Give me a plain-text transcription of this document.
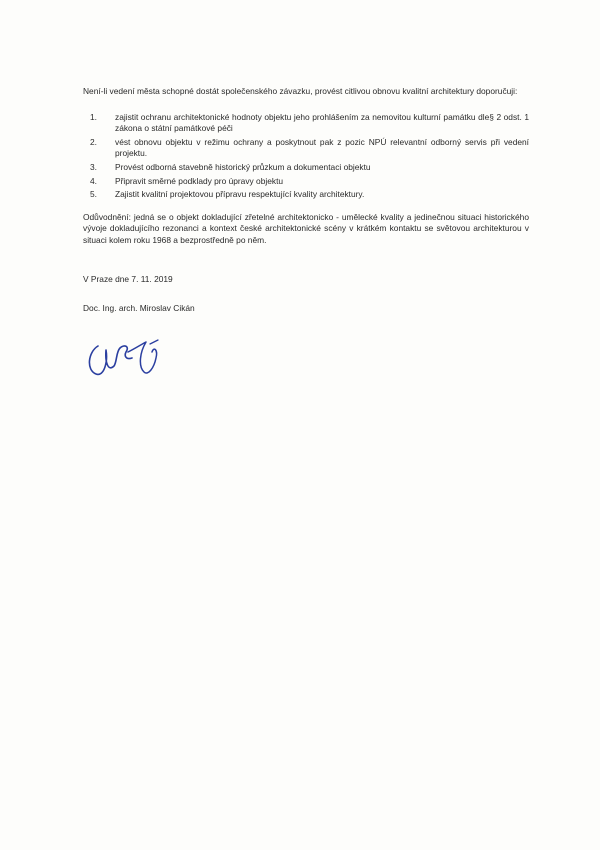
Není-li vedení města schopné dostát společenského závazku, provést citlivou obnovu kvalitní architektury doporučuji:

1. zajistit ochranu architektonické hodnoty objektu jeho prohlášením za nemovitou kulturní památku dle§ 2 odst. 1 zákona o státní památkové péči
2. vést obnovu objektu v režimu ochrany a poskytnout pak z pozic NPÚ relevantní odborný servis při vedení projektu.
3. Provést odborná stavebně historický průzkum a dokumentaci objektu
4. Připravit směrné podklady pro úpravy objektu
5. Zajistit kvalitní projektovou přípravu respektující kvality architektury.

Odůvodnění: jedná se o objekt dokladující zřetelné architektonicko - umělecké kvality a jedinečnou situaci historického vývoje dokladujícího rezonanci a kontext české architektonické scény v krátkém kontaktu se světovou architekturou v situaci kolem roku 1968 a bezprostředně po něm.

V Praze dne 7. 11. 2019
Doc. Ing. arch. Miroslav Cikán
